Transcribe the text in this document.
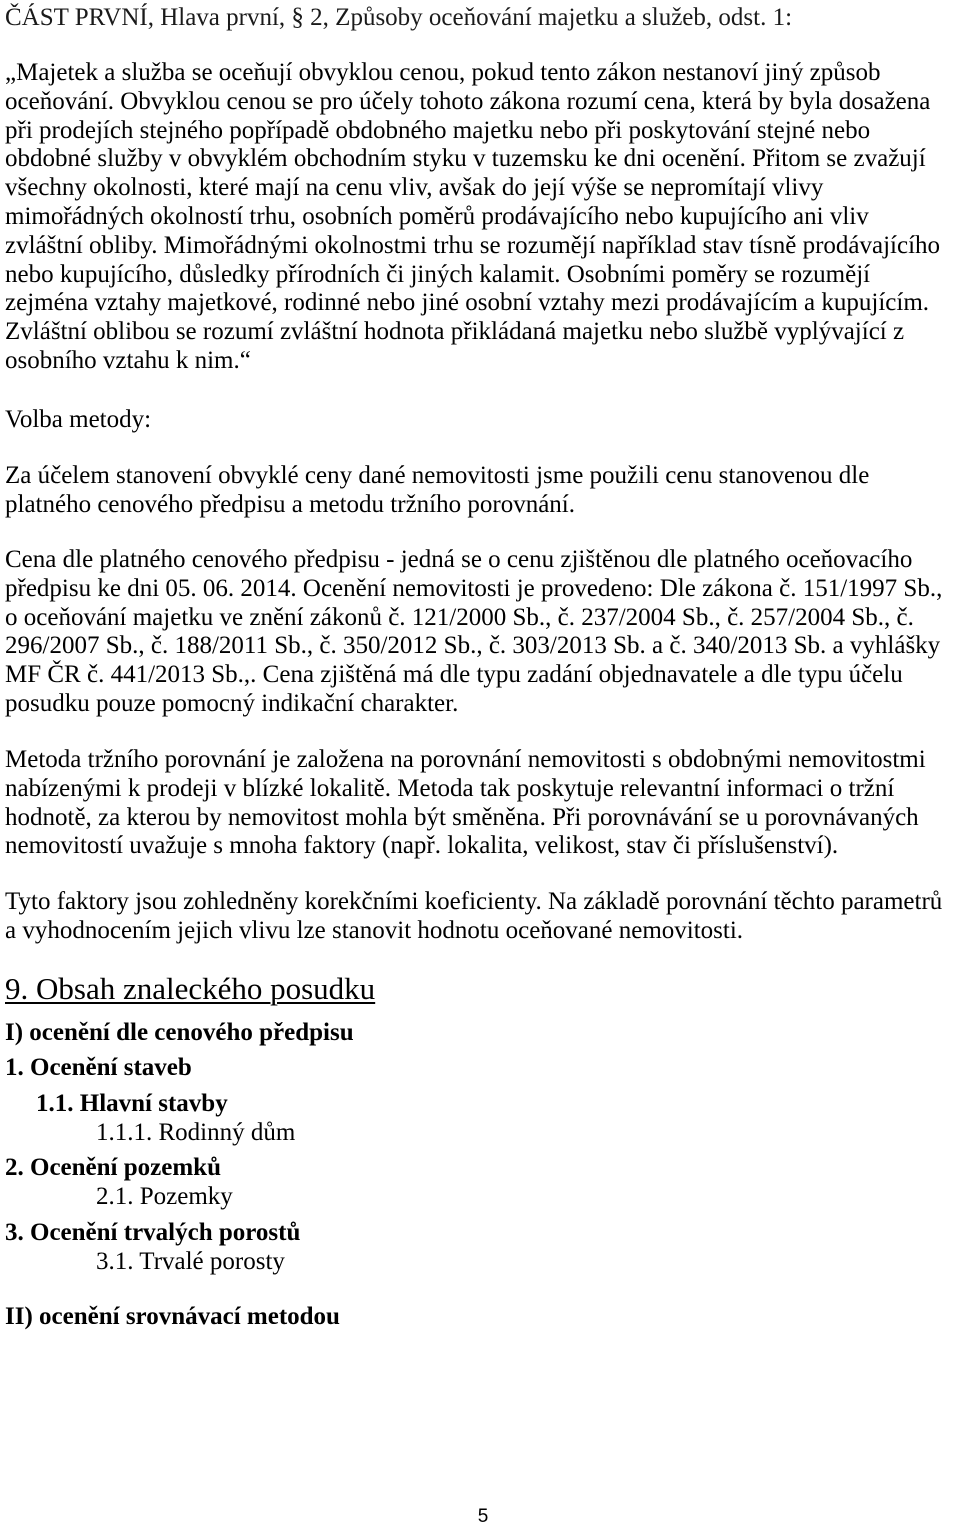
ČÁST PRVNÍ, Hlava první, § 2, Způsoby oceňování majetku a služeb, odst. 1:
„Majetek a služba se oceňují obvyklou cenou, pokud tento zákon nestanoví jiný způsob
oceňování. Obvyklou cenou se pro účely tohoto zákona rozumí cena, která by byla dosažena
při prodejích stejného popřípadě obdobného majetku nebo při poskytování stejné nebo
obdobné služby v obvyklém obchodním styku v tuzemsku ke dni ocenění. Přitom se zvažují
všechny okolnosti, které mají na cenu vliv, avšak do její výše se nepromítají vlivy
mimořádných okolností trhu, osobních poměrů prodávajícího nebo kupujícího ani vliv
zvláštní obliby. Mimořádnými okolnostmi trhu se rozumějí například stav tísně prodávajícího
nebo kupujícího, důsledky přírodních či jiných kalamit. Osobními poměry se rozumějí
zejména vztahy majetkové, rodinné nebo jiné osobní vztahy mezi prodávajícím a kupujícím.
Zvláštní oblibou se rozumí zvláštní hodnota přikládaná majetku nebo službě vyplývající z
osobního vztahu k nim.“
Volba metody:
Za účelem stanovení obvyklé ceny dané nemovitosti jsme použili cenu stanovenou dle
platného cenového předpisu a metodu tržního porovnání.
Cena dle platného cenového předpisu - jedná se o cenu zjištěnou dle platného oceňovacího
předpisu ke dni 05. 06. 2014. Ocenění nemovitosti je provedeno: Dle zákona č. 151/1997 Sb.,
o oceňování majetku ve znění zákonů č. 121/2000 Sb., č. 237/2004 Sb., č. 257/2004 Sb., č.
296/2007 Sb., č. 188/2011 Sb., č. 350/2012 Sb., č. 303/2013 Sb. a č. 340/2013 Sb. a vyhlášky
MF ČR č. 441/2013 Sb.,. Cena zjištěná má dle typu zadání objednavatele a dle typu účelu
posudku pouze pomocný indikační charakter.
Metoda tržního porovnání je založena na porovnání nemovitosti s obdobnými nemovitostmi
nabízenými k prodeji v blízké lokalitě. Metoda tak poskytuje relevantní informaci o tržní
hodnotě, za kterou by nemovitost mohla být směněna. Při porovnávání se u porovnávaných
nemovitostí uvažuje s mnoha faktory (např. lokalita, velikost, stav či příslušenství).
Tyto faktory jsou zohledněny korekčními koeficienty. Na základě porovnání těchto parametrů
a vyhodnocením jejich vlivu lze stanovit hodnotu oceňované nemovitosti.
9. Obsah znaleckého posudku
I) ocenění dle cenového předpisu
1. Ocenění staveb
1.1. Hlavní stavby
1.1.1. Rodinný dům
2. Ocenění pozemků
2.1. Pozemky
3. Ocenění trvalých porostů
3.1. Trvalé porosty
II) ocenění srovnávací metodou
5
